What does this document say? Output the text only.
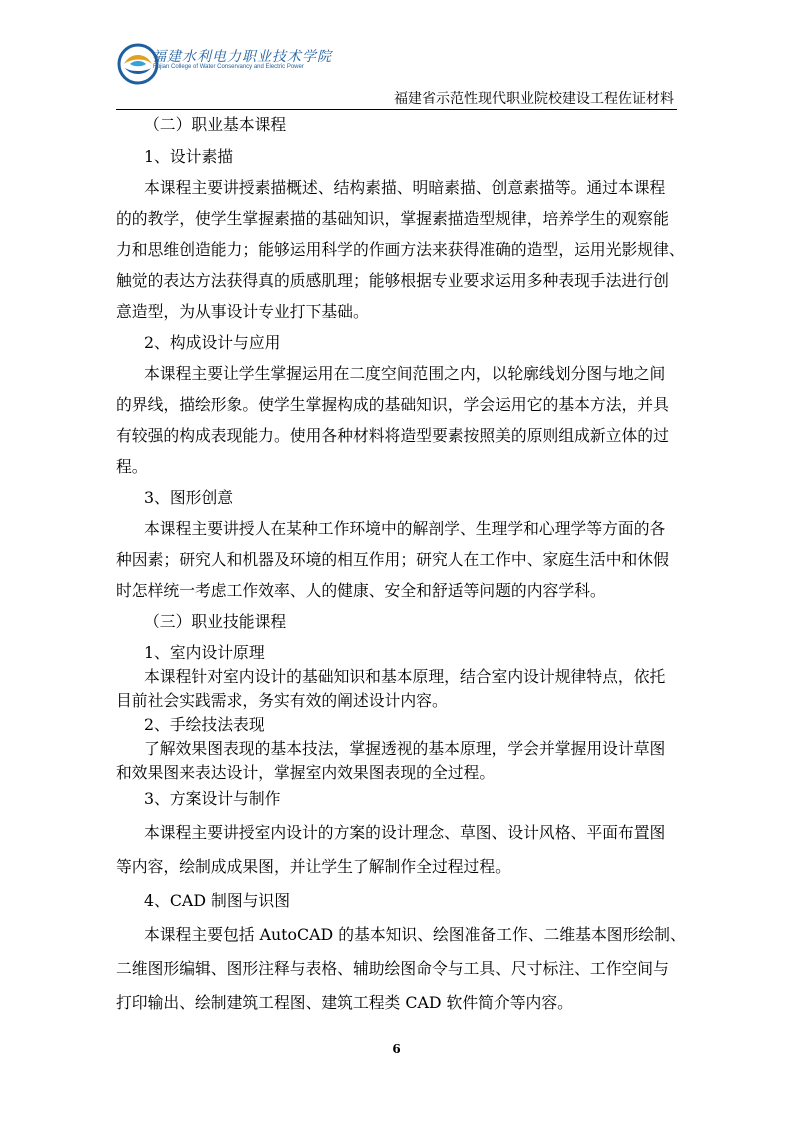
福建水利电力职业技术学院
Fujian College of Water Conservancy and Electric Power
福建省示范性现代职业院校建设工程佐证材料
（二）职业基本课程
1、设计素描
本课程主要讲授素描概述、结构素描、明暗素描、创意素描等。通过本课程
的的教学，使学生掌握素描的基础知识，掌握素描造型规律，培养学生的观察能
力和思维创造能力；能够运用科学的作画方法来获得准确的造型，运用光影规律、
触觉的表达方法获得真的质感肌理；能够根据专业要求运用多种表现手法进行创
意造型，为从事设计专业打下基础。
2、构成设计与应用
本课程主要让学生掌握运用在二度空间范围之内，以轮廓线划分图与地之间
的界线，描绘形象。使学生掌握构成的基础知识，学会运用它的基本方法，并具
有较强的构成表现能力。使用各种材料将造型要素按照美的原则组成新立体的过
程。
3、图形创意
本课程主要讲授人在某种工作环境中的解剖学、生理学和心理学等方面的各
种因素；研究人和机器及环境的相互作用；研究人在工作中、家庭生活中和休假
时怎样统一考虑工作效率、人的健康、安全和舒适等问题的内容学科。
（三）职业技能课程
1、室内设计原理
本课程针对室内设计的基础知识和基本原理，结合室内设计规律特点，依托
目前社会实践需求，务实有效的阐述设计内容。
2、手绘技法表现
了解效果图表现的基本技法，掌握透视的基本原理，学会并掌握用设计草图
和效果图来表达设计，掌握室内效果图表现的全过程。
3、方案设计与制作
本课程主要讲授室内设计的方案的设计理念、草图、设计风格、平面布置图
等内容，绘制成成果图，并让学生了解制作全过程过程。
4、CAD 制图与识图
本课程主要包括 AutoCAD 的基本知识、绘图准备工作、二维基本图形绘制、
二维图形编辑、图形注释与表格、辅助绘图命令与工具、尺寸标注、工作空间与
打印输出、绘制建筑工程图、建筑工程类 CAD 软件简介等内容。
6
